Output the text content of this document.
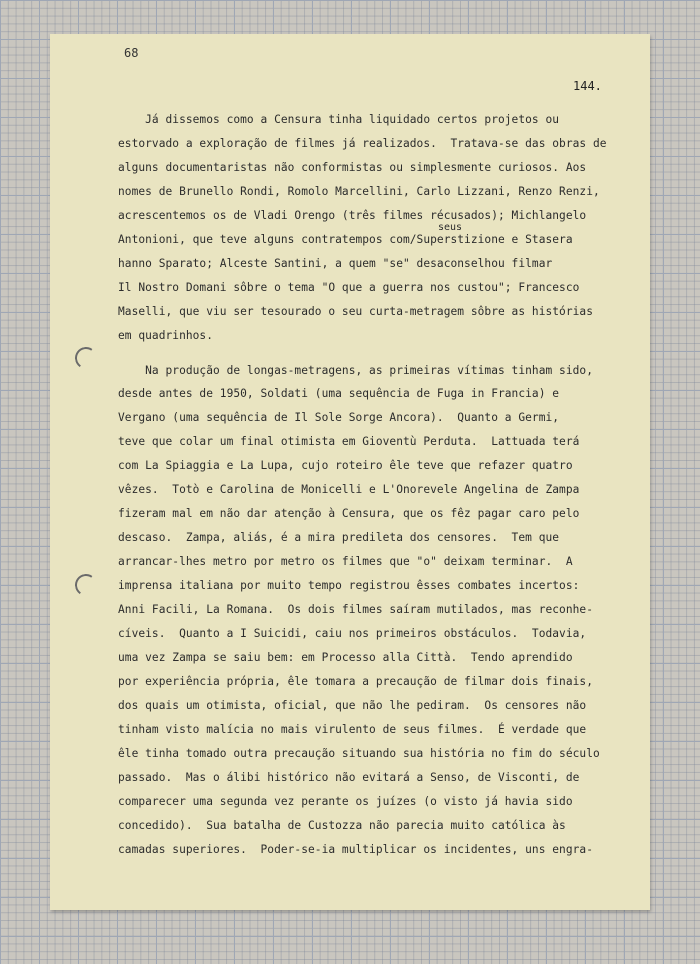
68
144.
seus
Já dissemos como a Censura tinha liquidado certos projetos ou
estorvado a exploração de filmes já realizados.  Tratava-se das obras de
alguns documentaristas não conformistas ou simplesmente curiosos. Aos
nomes de Brunello Rondi, Romolo Marcellini, Carlo Lizzani, Renzo Renzi,
acrescentemos os de Vladi Orengo (três filmes récusados); Michlangelo
Antonioni, que teve alguns contratempos com/Superstizione e Stasera
hanno Sparato; Alceste Santini, a quem "se" desaconselhou filmar
Il Nostro Domani sôbre o tema "O que a guerra nos custou"; Francesco
Maselli, que viu ser tesourado o seu curta-metragem sôbre as histórias
em quadrinhos.
Na produção de longas-metragens, as primeiras vítimas tinham sido,
desde antes de 1950, Soldati (uma sequência de Fuga in Francia) e
Vergano (uma sequência de Il Sole Sorge Ancora).  Quanto a Germi,
teve que colar um final otimista em Gioventù Perduta.  Lattuada terá
com La Spiaggia e La Lupa, cujo roteiro êle teve que refazer quatro
vêzes.  Totò e Carolina de Monicelli e L'Onorevele Angelina de Zampa
fizeram mal em não dar atenção à Censura, que os fêz pagar caro pelo
descaso.  Zampa, aliás, é a mira predileta dos censores.  Tem que
arrancar-lhes metro por metro os filmes que "o" deixam terminar.  A
imprensa italiana por muito tempo registrou êsses combates incertos:
Anni Facili, La Romana.  Os dois filmes saíram mutilados, mas reconhe-
cíveis.  Quanto a I Suicidi, caiu nos primeiros obstáculos.  Todavia,
uma vez Zampa se saiu bem: em Processo alla Città.  Tendo aprendido
por experiência própria, êle tomara a precaução de filmar dois finais,
dos quais um otimista, oficial, que não lhe pediram.  Os censores não
tinham visto malícia no mais virulento de seus filmes.  É verdade que
êle tinha tomado outra precaução situando sua história no fim do século
passado.  Mas o álibi histórico não evitará a Senso, de Visconti, de
comparecer uma segunda vez perante os juízes (o visto já havia sido
concedido).  Sua batalha de Custozza não parecia muito católica às
camadas superiores.  Poder-se-ia multiplicar os incidentes, uns engra-
